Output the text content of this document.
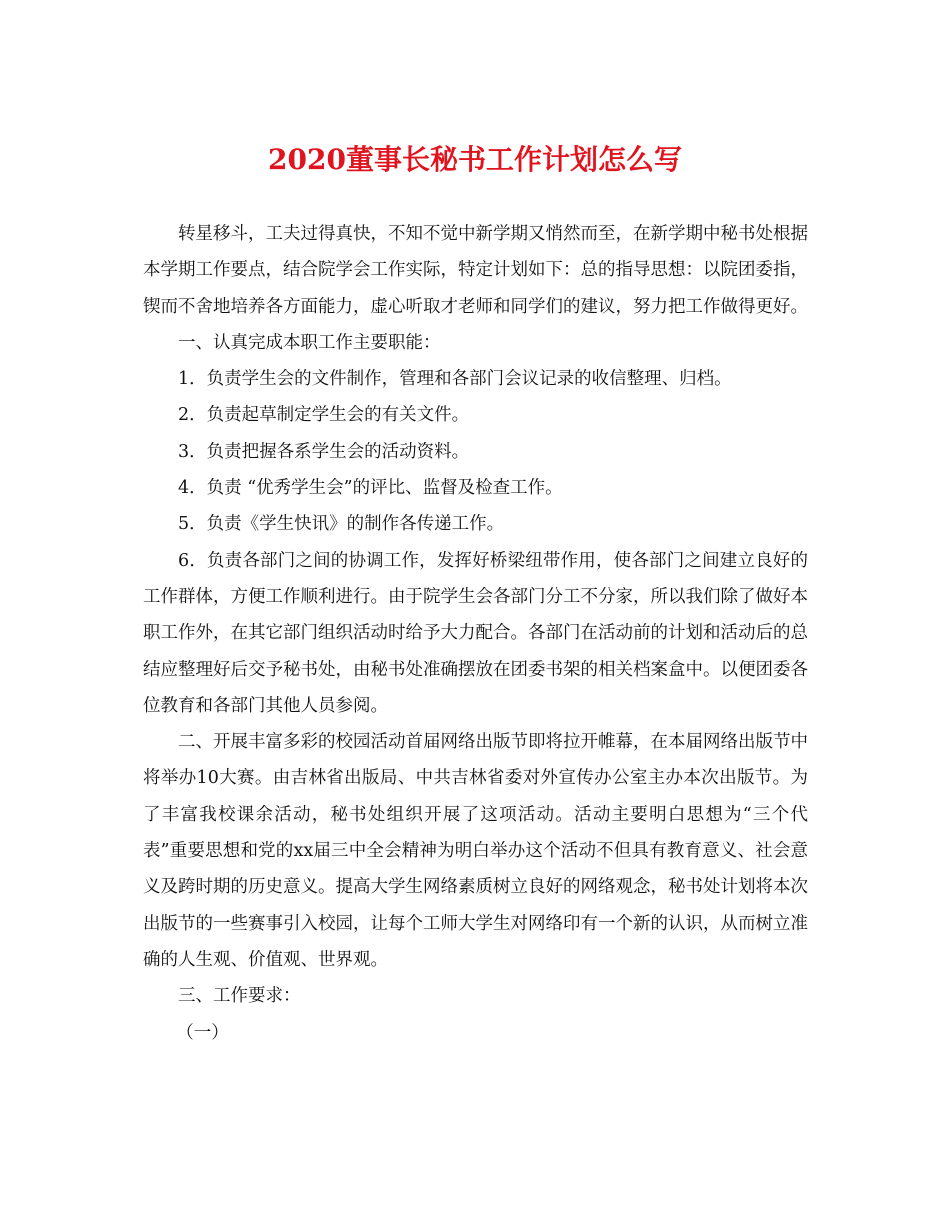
2020董事长秘书工作计划怎么写

转星移斗，工夫过得真快，不知不觉中新学期又悄然而至，在新学期中秘书处根据本学期工作要点，结合院学会工作实际，特定计划如下：总的指导思想：以院团委指，锲而不舍地培养各方面能力，虚心听取才老师和同学们的建议，努力把工作做得更好。

一、认真完成本职工作主要职能：

1．负责学生会的文件制作，管理和各部门会议记录的收信整理、归档。

2．负责起草制定学生会的有关文件。

3．负责把握各系学生会的活动资料。

4．负责 “优秀学生会”的评比、监督及检查工作。

5．负责《学生快讯》的制作各传递工作。

6．负责各部门之间的协调工作，发挥好桥梁纽带作用，使各部门之间建立良好的工作群体，方便工作顺利进行。由于院学生会各部门分工不分家，所以我们除了做好本职工作外，在其它部门组织活动时给予大力配合。各部门在活动前的计划和活动后的总结应整理好后交予秘书处，由秘书处准确摆放在团委书架的相关档案盒中。以便团委各位教育和各部门其他人员参阅。

二、开展丰富多彩的校园活动首届网络出版节即将拉开帷幕，在本届网络出版节中将举办10大赛。由吉林省出版局、中共吉林省委对外宣传办公室主办本次出版节。为了丰富我校课余活动，秘书处组织开展了这项活动。活动主要明白思想为“三个代表”重要思想和党的xx届三中全会精神为明白举办这个活动不但具有教育意义、社会意义及跨时期的历史意义。提高大学生网络素质树立良好的网络观念，秘书处计划将本次出版节的一些赛事引入校园，让每个工师大学生对网络印有一个新的认识，从而树立准确的人生观、价值观、世界观。

三、工作要求：

（一）
